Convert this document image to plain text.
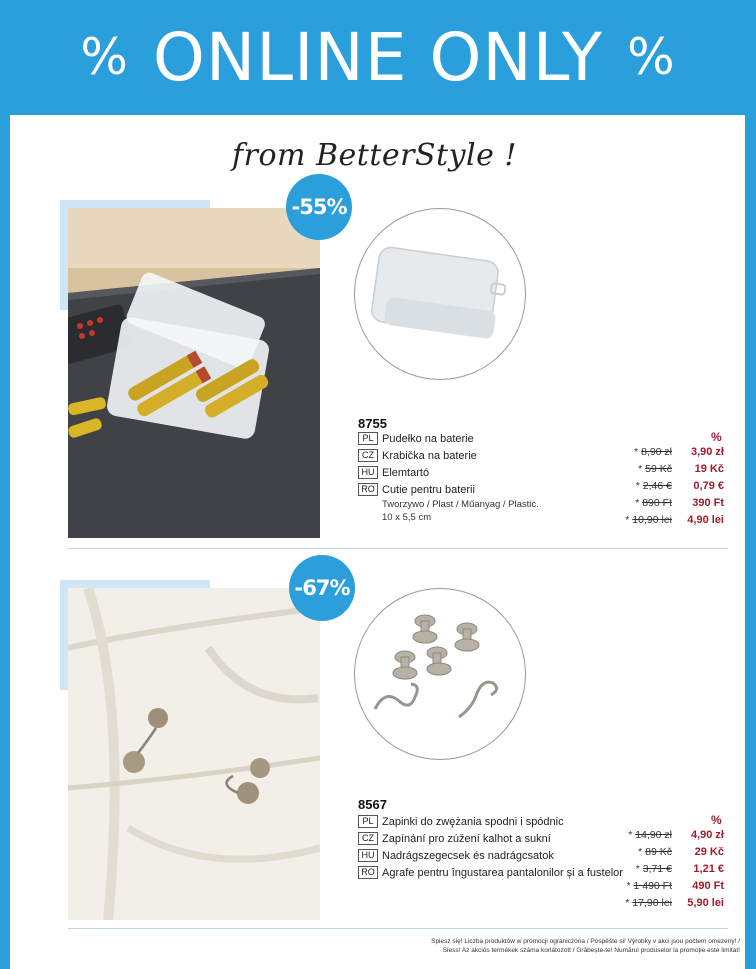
% ONLINE ONLY %
from BetterStyle !
-55%
8755
PL Pudełko na baterie
CZ Krabička na baterie
HU Elemtartó
RO Cutie pentru baterii
Tworzywo / Plast / Műanyag / Plastic.
10 x 5,5 cm
%
* 8,90 zł	3,90 zł
* 59 Kč	19 Kč
* 2,46 €	0,79 €
* 890 Ft	390 Ft
* 10,90 lei	4,90 lei
-67%
8567
PL Zapinki do zwężania spodni i spódnic
CZ Zapínání pro zúžení kalhot a sukní
HU Nadrágszegecsek és nadrágcsatok
RO Agrafe pentru îngustarea pantalonilor și a fustelor
%
* 14,90 zł	4,90 zł
* 89 Kč	29 Kč
* 3,71 €	1,21 €
* 1 490 Ft	490 Ft
* 17,90 lei	5,90 lei
Spiesz się! Liczba produktów w promocji ograniczona / Pospěšte si! Výrobky v akci jsou počtem omezeny! /
Siess! Az akciós termékek száma korlátozott / Grăbește-te! Numărul produselor la promoție este limitat!
